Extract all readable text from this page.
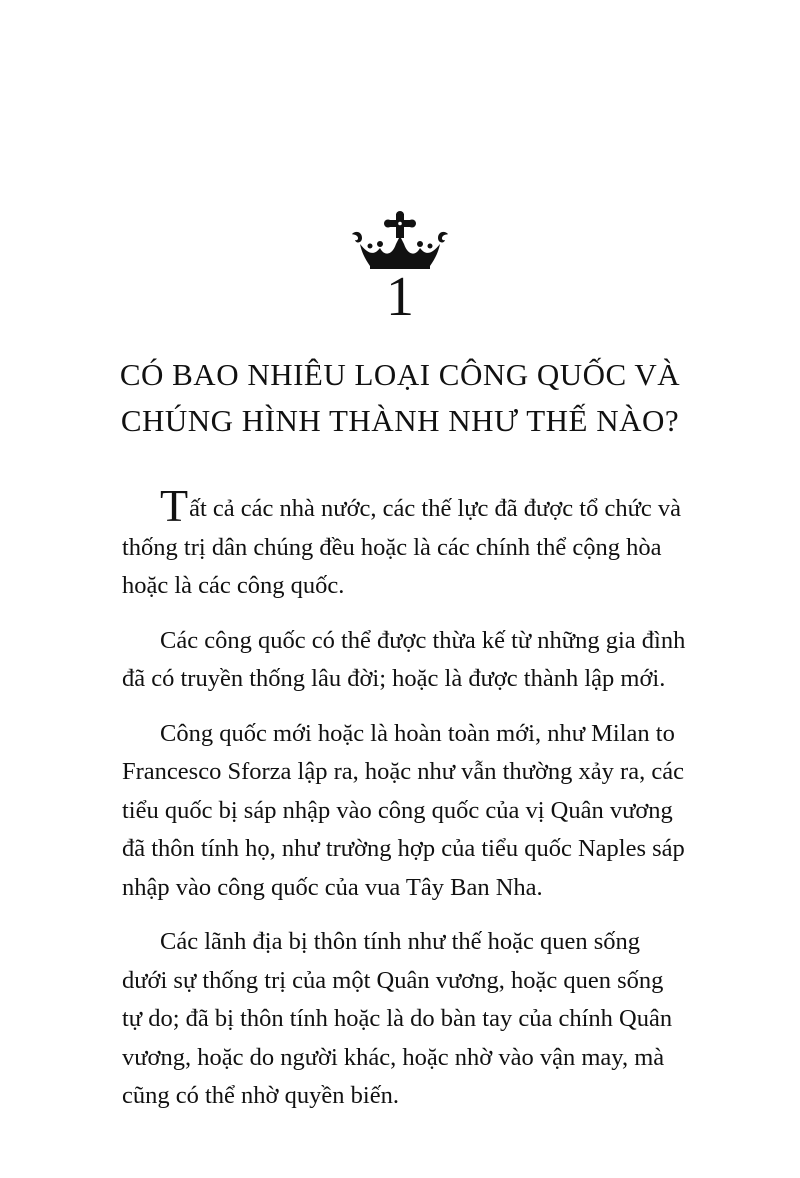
1
CÓ BAO NHIÊU LOẠI CÔNG QUỐC VÀ
CHÚNG HÌNH THÀNH NHƯ THẾ NÀO?
Tất cả các nhà nước, các thế lực đã được tổ chức và
thống trị dân chúng đều hoặc là các chính thể cộng hòa
hoặc là các công quốc.
Các công quốc có thể được thừa kế từ những gia đình
đã có truyền thống lâu đời; hoặc là được thành lập mới.
Công quốc mới hoặc là hoàn toàn mới, như Milan to
Francesco Sforza lập ra, hoặc như vẫn thường xảy ra, các
tiểu quốc bị sáp nhập vào công quốc của vị Quân vương
đã thôn tính họ, như trường hợp của tiểu quốc Naples sáp
nhập vào công quốc của vua Tây Ban Nha.
Các lãnh địa bị thôn tính như thế hoặc quen sống
dưới sự thống trị của một Quân vương, hoặc quen sống
tự do; đã bị thôn tính hoặc là do bàn tay của chính Quân
vương, hoặc do người khác, hoặc nhờ vào vận may, mà
cũng có thể nhờ quyền biến.
